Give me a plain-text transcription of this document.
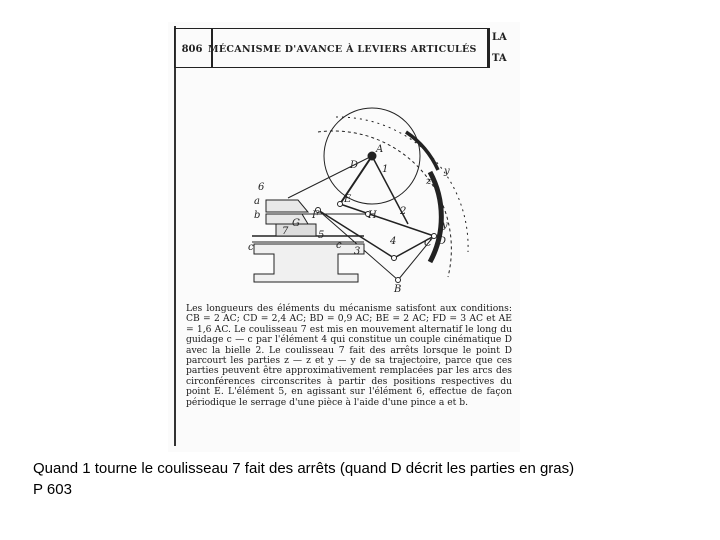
806 MÉCANISME D'AVANCE À LEVIERS ARTICULÉS
LA
TA
A
1
D
y
z
6
a
b	F
E
H 2
y
G
7
c
5
c
3
4	C D
B
Les longueurs des éléments du mécanisme satisfont aux conditions: CB = 2 AC; CD = 2,4 AC; BD = 0,9 AC; BE = 2 AC; FD = 3 AC et AE = 1,6 AC. Le coulisseau 7 est mis en mouvement alternatif le long du guidage c — c par l'élément 4 qui constitue un couple cinématique D avec la bielle 2. Le coulisseau 7 fait des arrêts lorsque le point D parcourt les parties z — z et y — y de sa trajectoire, parce que ces parties peuvent être approximativement remplacées par les arcs des circonférences circonscrites à partir des positions respectives du point E. L'élément 5, en agissant sur l'élément 6, effectue de façon périodique le serrage d'une pièce à l'aide d'une pince a et b.
Quand 1 tourne le coulisseau 7 fait des arrêts (quand D décrit les parties en gras)
P 603
